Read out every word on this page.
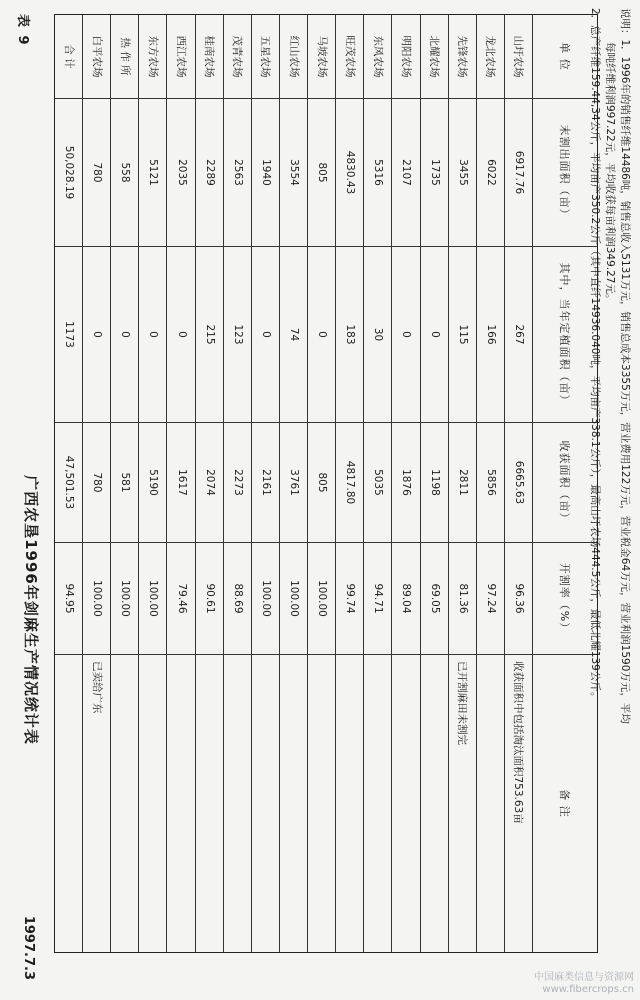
表 9
广西农垦1996年剑麻生产情况统计表
1997.7.3
单 位
末割出面积（亩）
其中，当年定植面积（亩）
收获面积（亩）
开割率（%）
备 注
山圩农场
6917.76
267
6665.63
96.36
收获面积中包括淘汰面积753.63亩
龙北农场
6022
166
5856
97.24
先锋农场
3455
115
2811
81.36
已开割麻田未割完
北耀农场
1735
0
1198
69.05
明阳农场
2107
0
1876
89.04
东风农场
5316
30
5035
94.71
旺茂农场
4830.43
183
4817.80
99.74
马坡农场
805
0
805
100.00
红山农场
3554
74
3761
100.00
五星农场
1940
0
2161
100.00
茂青农场
2563
123
2273
88.69
桂南农场
2289
215
2074
90.61
西江农场
2035
0
1617
79.46
东方农场
5121
0
5190
100.00
热 作 所
558
0
581
100.00
白平农场
780
0
780
100.00
已卖给广东
合 计
50,028.19
1173
47,501.53
94.95	说明：1．1996年的销售纤维14486吨，销售总收入5131万元，销售总成本3355万元，营业费用122万元，营业税金64万元，营业利润1590万元，平均
每吨纤维利润997.22元，平均收获每亩利润349.27元。
2．总产纤维159.44,34公斤，平均亩产350.2公斤（其中直纤14936.040吨，平均亩产338.1公斤），最高山圩农场444.5公斤，最低北耀139公斤。
中国麻类信息与资源网
www.fibercrops.cn
